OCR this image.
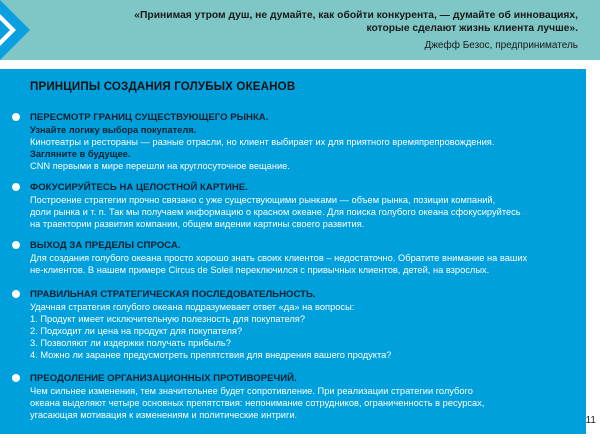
«Принимая утром душ, не думайте, как обойти конкурента, — думайте об инновациях,
которые сделают жизнь клиента лучше».
Джефф Безос, предприниматель
ПРИНЦИПЫ СОЗДАНИЯ ГОЛУБЫХ ОКЕАНОВ
ПЕРЕСМОТР ГРАНИЦ СУЩЕСТВУЮЩЕГО РЫНКА.
Узнайте логику выбора покупателя.
Кинотеатры и рестораны — разные отрасли, но клиент выбирает их для приятного времяпрепровождения.
Загляните в будущее.
CNN первыми в мире перешли на круглосуточное вещание.
ФОКУСИРУЙТЕСЬ НА ЦЕЛОСТНОЙ КАРТИНЕ.
Построение стратегии прочно связано с уже существующими рынками — объем рынка, позиции компаний,
доли рынка и т. п. Так мы получаем информацию о красном океане. Для поиска голубого океана сфокусируйтесь
на траектории развития компании, общем видении картины своего развития.
ВЫХОД ЗА ПРЕДЕЛЫ СПРОСА.
Для создания голубого океана просто хорошо знать своих клиентов – недостаточно. Обратите внимание на ваших
не-клиентов. В нашем примере Circus de Soleil переключился с привычных клиентов, детей, на взрослых.
ПРАВИЛЬНАЯ СТРАТЕГИЧЕСКАЯ ПОСЛЕДОВАТЕЛЬНОСТЬ.
Удачная стратегия голубого океана подразумевает ответ «да» на вопросы:
1. Продукт имеет исключительную полезность для покупателя?
2. Подходит ли цена на продукт для покупателя?
3. Позволяют ли издержки получать прибыль?
4. Можно ли заранее предусмотреть препятствия для внедрения вашего продукта?
ПРЕОДОЛЕНИЕ ОРГАНИЗАЦИОННЫХ ПРОТИВОРЕЧИЙ.
Чем сильнее изменения, тем значительнее будет сопротивление. При реализации стратегии голубого
океана выделяют четыре основных препятствия: непонимание сотрудников, ограниченность в ресурсах,
угасающая мотивация к изменениям и политические интриги.	11
